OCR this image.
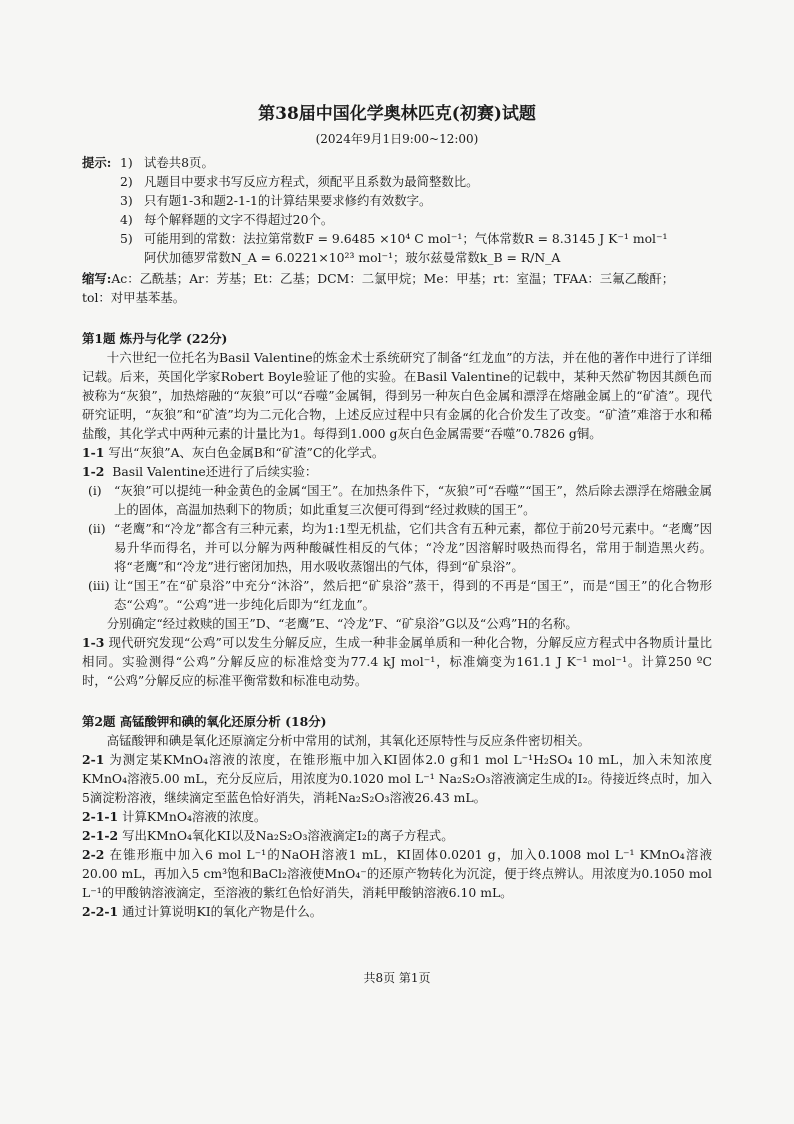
第38届中国化学奥林匹克(初赛)试题
(2024年9月1日9:00~12:00)
提示: 1) 试卷共8页。
2) 凡题目中要求书写反应方程式，须配平且系数为最简整数比。
3) 只有题1-3和题2-1-1的计算结果要求修约有效数字。
4) 每个解释题的文字不得超过20个。
5) 可能用到的常数：法拉第常数F = 9.6485 ×10⁴ C mol⁻¹；气体常数R = 8.3145 J K⁻¹ mol⁻¹
阿伏加德罗常数N_A = 6.0221×10²³ mol⁻¹；玻尔兹曼常数k_B = R/N_A
缩写:Ac：乙酰基；Ar：芳基；Et：乙基；DCM：二氯甲烷；Me：甲基；rt：室温；TFAA：三氟乙酸酐；
tol：对甲基苯基。
第1题 炼丹与化学 (22分)
十六世纪一位托名为Basil Valentine的炼金术士系统研究了制备“红龙血”的方法，并在他的著作中进行了详细记载。后来，英国化学家Robert Boyle验证了他的实验。在Basil Valentine的记载中，某种天然矿物因其颜色而被称为“灰狼”，加热熔融的“灰狼”可以“吞噬”金属铜，得到另一种灰白色金属和漂浮在熔融金属上的“矿渣”。现代研究证明，“灰狼”和“矿渣”均为二元化合物，上述反应过程中只有金属的化合价发生了改变。“矿渣”难溶于水和稀盐酸，其化学式中两种元素的计量比为1。每得到1.000 g灰白色金属需要“吞噬”0.7826 g铜。
1-1 写出“灰狼”A、灰白色金属B和“矿渣”C的化学式。
1-2 Basil Valentine还进行了后续实验：
(i) “灰狼”可以提纯一种金黄色的金属“国王”。在加热条件下，“灰狼”可“吞噬”“国王”，然后除去漂浮在熔融金属上的固体，高温加热剩下的物质；如此重复三次便可得到“经过救赎的国王”。
(ii) “老鹰”和“冷龙”都含有三种元素，均为1:1型无机盐，它们共含有五种元素，都位于前20号元素中。“老鹰”因易升华而得名，并可以分解为两种酸碱性相反的气体；“冷龙”因溶解时吸热而得名，常用于制造黑火药。将“老鹰”和“冷龙”进行密闭加热，用水吸收蒸馏出的气体，得到“矿泉浴”。
(iii) 让“国王”在“矿泉浴”中充分“沐浴”，然后把“矿泉浴”蒸干，得到的不再是“国王”，而是“国王”的化合物形态“公鸡”。“公鸡”进一步纯化后即为“红龙血”。
分别确定“经过救赎的国王”D、“老鹰”E、“冷龙”F、“矿泉浴”G以及“公鸡”H的名称。
1-3 现代研究发现“公鸡”可以发生分解反应，生成一种非金属单质和一种化合物，分解反应方程式中各物质计量比相同。实验测得“公鸡”分解反应的标准焓变为77.4 kJ mol⁻¹，标准熵变为161.1 J K⁻¹ mol⁻¹。计算250 ºC时，“公鸡”分解反应的标准平衡常数和标准电动势。
第2题 高锰酸钾和碘的氧化还原分析 (18分)
高锰酸钾和碘是氧化还原滴定分析中常用的试剂，其氧化还原特性与反应条件密切相关。
2-1 为测定某KMnO₄溶液的浓度，在锥形瓶中加入KI固体2.0 g和1 mol L⁻¹H₂SO₄ 10 mL，加入未知浓度KMnO₄溶液5.00 mL，充分反应后，用浓度为0.1020 mol L⁻¹ Na₂S₂O₃溶液滴定生成的I₂。待接近终点时，加入5滴淀粉溶液，继续滴定至蓝色恰好消失，消耗Na₂S₂O₃溶液26.43 mL。
2-1-1 计算KMnO₄溶液的浓度。
2-1-2 写出KMnO₄氧化KI以及Na₂S₂O₃溶液滴定I₂的离子方程式。
2-2 在锥形瓶中加入6 mol L⁻¹的NaOH溶液1 mL，KI固体0.0201 g，加入0.1008 mol L⁻¹ KMnO₄溶液 20.00 mL，再加入5 cm³饱和BaCl₂溶液使MnO₄⁻的还原产物转化为沉淀，便于终点辨认。用浓度为0.1050 mol L⁻¹的甲酸钠溶液滴定，至溶液的紫红色恰好消失，消耗甲酸钠溶液6.10 mL。
2-2-1 通过计算说明KI的氧化产物是什么。
共8页 第1页
